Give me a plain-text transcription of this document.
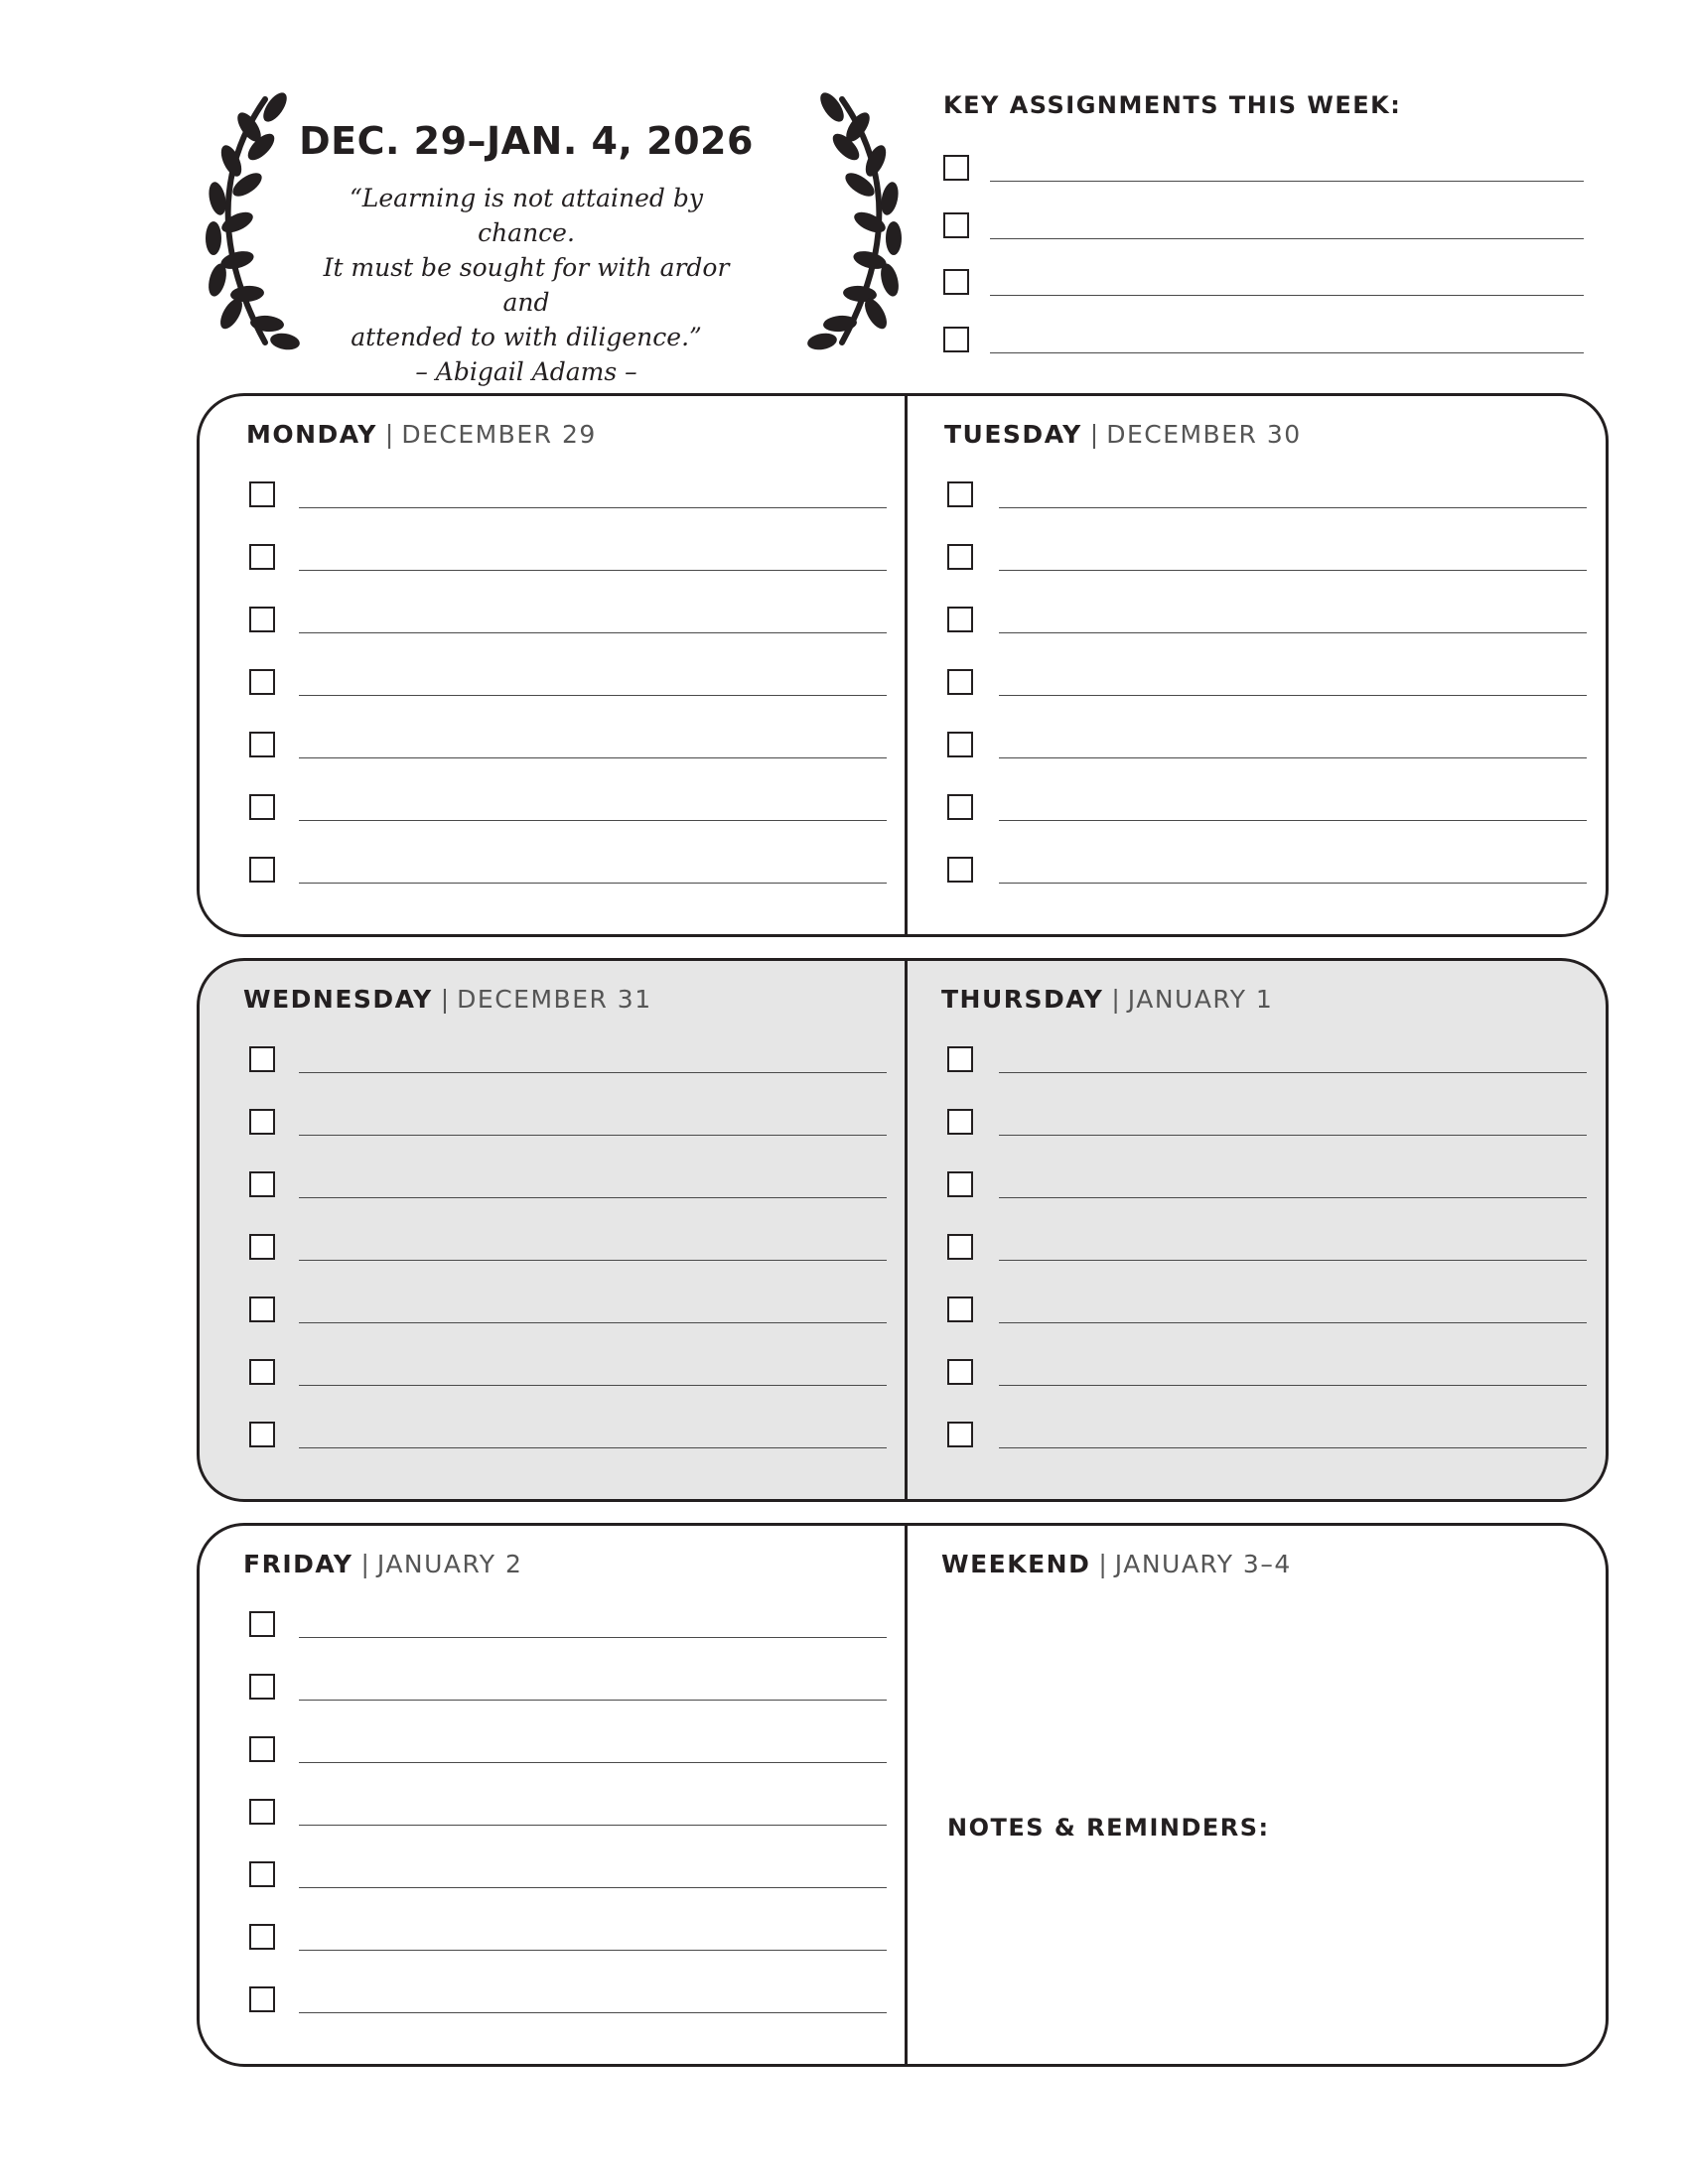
DEC. 29–JAN. 4, 2026
“Learning is not attained by chance.
It must be sought for with ardor and
attended to with diligence.”
– Abigail Adams –
KEY ASSIGNMENTS THIS WEEK:
MONDAY | DECEMBER 29	TUESDAY | DECEMBER 30
WEDNESDAY | DECEMBER 31	THURSDAY | JANUARY 1
FRIDAY | JANUARY 2	WEEKEND | JANUARY 3–4
NOTES & REMINDERS:
